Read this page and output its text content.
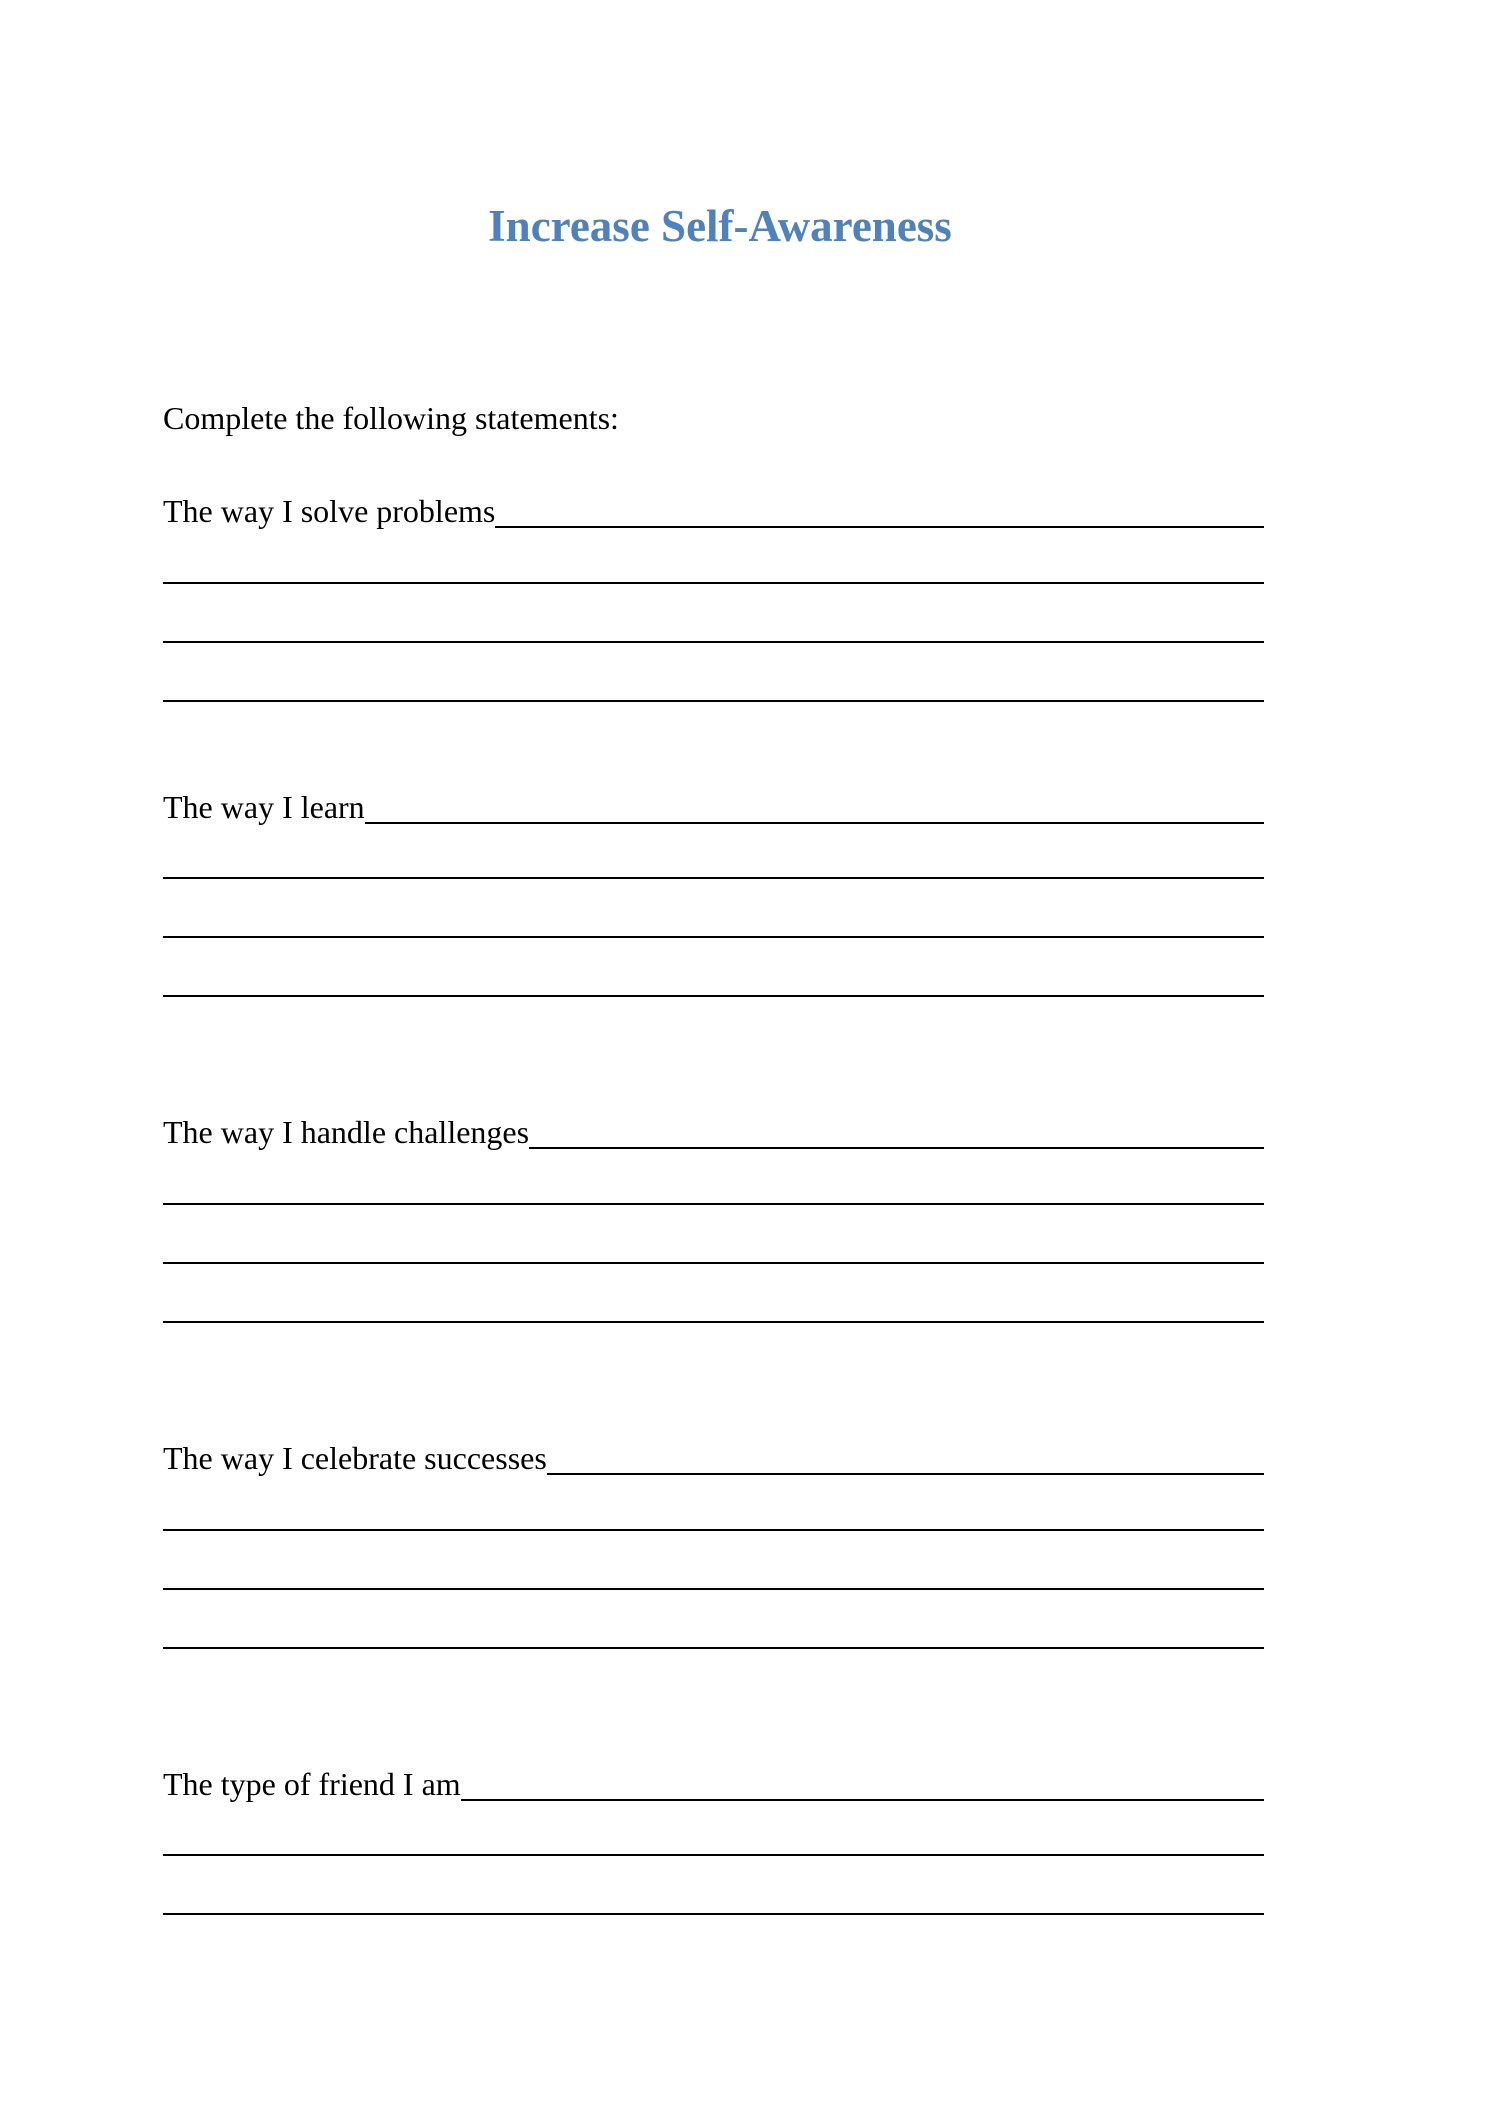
Increase Self-Awareness
Complete the following statements:
The way I solve problems
The way I learn
The way I handle challenges
The way I celebrate successes
The type of friend I am
